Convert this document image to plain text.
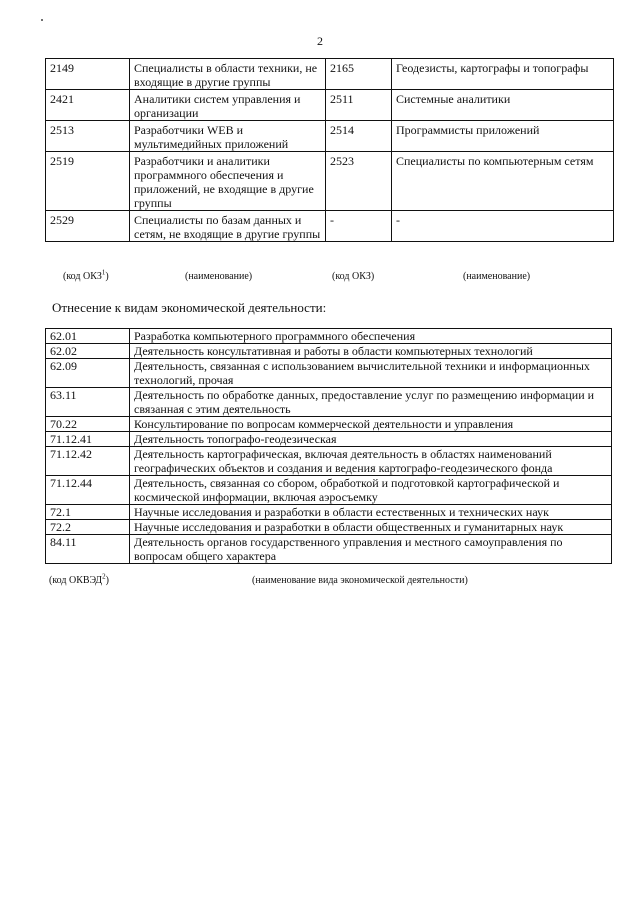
2
2149	Специалисты в области техники, не входящие в другие группы	2165	Геодезисты, картографы и топографы
2421	Аналитики систем управления и организации	2511	Системные аналитики
2513	Разработчики WEB и мультимедийных приложений	2514	Программисты приложений
2519	Разработчики и аналитики программного обеспечения и приложений, не входящие в другие группы	2523	Специалисты по компьютерным сетям
2529	Специалисты по базам данных и сетям, не входящие в другие группы	-	-
(код ОКЗ$^1$)	(наименование)	(код ОКЗ)	(наименование)
Отнесение к видам экономической деятельности:
62.01	Разработка компьютерного программного обеспечения
62.02	Деятельность консультативная и работы в области компьютерных технологий
62.09	Деятельность, связанная с использованием вычислительной техники и информационных технологий, прочая
63.11	Деятельность по обработке данных, предоставление услуг по размещению информации и связанная с этим деятельность
70.22	Консультирование по вопросам коммерческой деятельности и управления
71.12.41	Деятельность топографо-геодезическая
71.12.42	Деятельность картографическая, включая деятельность в областях наименований географических объектов и создания и ведения картографо-геодезического фонда
71.12.44	Деятельность, связанная со сбором, обработкой и подготовкой картографической и космической информации, включая аэросъемку
72.1	Научные исследования и разработки в области естественных и технических наук
72.2	Научные исследования и разработки в области общественных и гуманитарных наук
84.11	Деятельность органов государственного управления и местного самоуправления по вопросам общего характера
(код ОКВЭД$^2$)	(наименование вида экономической деятельности)
